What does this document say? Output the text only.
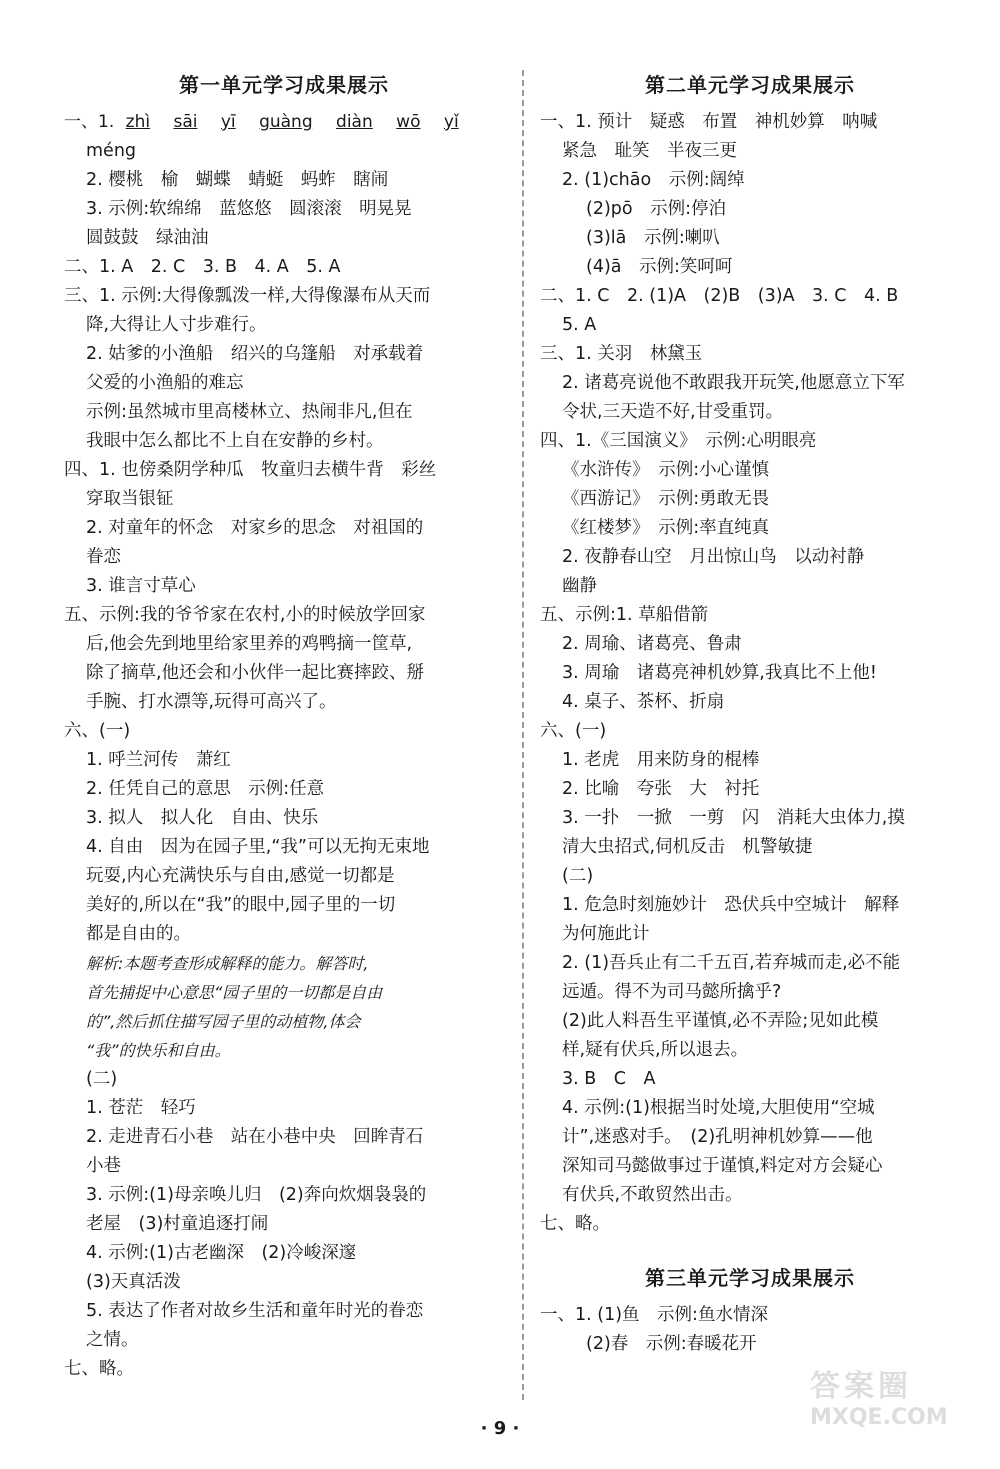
第一单元学习成果展示
一、1. zhì sāi yī guàng diàn wō yǐ
méng
2. 樱桃　榆　蝴蝶　蜻蜓　蚂蚱　瞎闹
3. 示例:软绵绵　蓝悠悠　圆滚滚　明晃晃
圆鼓鼓　绿油油
二、1. A　2. C　3. B　4. A　5. A
三、1. 示例:大得像瓢泼一样,大得像瀑布从天而
降,大得让人寸步难行。
2. 姑爹的小渔船　绍兴的乌篷船　对承载着
父爱的小渔船的难忘
示例:虽然城市里高楼林立、热闹非凡,但在
我眼中怎么都比不上自在安静的乡村。
四、1. 也傍桑阴学种瓜　牧童归去横牛背　彩丝
穿取当银钲
2. 对童年的怀念　对家乡的思念　对祖国的
眷恋
3. 谁言寸草心
五、示例:我的爷爷家在农村,小的时候放学回家
后,他会先到地里给家里养的鸡鸭摘一筐草,
除了摘草,他还会和小伙伴一起比赛摔跤、掰
手腕、打水漂等,玩得可高兴了。
六、(一)
1. 呼兰河传　萧红
2. 任凭自己的意思　示例:任意
3. 拟人　拟人化　自由、快乐
4. 自由　因为在园子里,“我”可以无拘无束地
玩耍,内心充满快乐与自由,感觉一切都是
美好的,所以在“我”的眼中,园子里的一切
都是自由的。
解析:本题考查形成解释的能力。解答时,
首先捕捉中心意思“园子里的一切都是自由
的”,然后抓住描写园子里的动植物,体会
“我”的快乐和自由。
(二)
1. 苍茫　轻巧
2. 走进青石小巷　站在小巷中央　回眸青石
小巷
3. 示例:(1)母亲唤儿归　(2)奔向炊烟袅袅的
老屋　(3)村童追逐打闹
4. 示例:(1)古老幽深　(2)冷峻深邃
(3)天真活泼
5. 表达了作者对故乡生活和童年时光的眷恋
之情。
七、略。
第二单元学习成果展示
一、1. 预计　疑惑　布置　神机妙算　呐喊
紧急　耻笑　半夜三更
2. (1)chāo　示例:阔绰
(2)pō　示例:停泊
(3)lā　示例:喇叭
(4)ā　示例:笑呵呵
二、1. C　2. (1)A　(2)B　(3)A　3. C　4. B
5. A
三、1. 关羽　林黛玉
2. 诸葛亮说他不敢跟我开玩笑,他愿意立下军
令状,三天造不好,甘受重罚。
四、1.《三国演义》　示例:心明眼亮
《水浒传》　示例:小心谨慎
《西游记》　示例:勇敢无畏
《红楼梦》　示例:率直纯真
2. 夜静春山空　月出惊山鸟　以动衬静
幽静
五、示例:1. 草船借箭
2. 周瑜、诸葛亮、鲁肃
3. 周瑜　诸葛亮神机妙算,我真比不上他!
4. 桌子、茶杯、折扇
六、(一)
1. 老虎　用来防身的棍棒
2. 比喻　夸张　大　衬托
3. 一扑　一掀　一剪　闪　消耗大虫体力,摸
清大虫招式,伺机反击　机警敏捷
(二)
1. 危急时刻施妙计　恐伏兵中空城计　解释
为何施此计
2. (1)吾兵止有二千五百,若弃城而走,必不能
远遁。得不为司马懿所擒乎?
(2)此人料吾生平谨慎,必不弄险;见如此模
样,疑有伏兵,所以退去。
3. B　C　A
4. 示例:(1)根据当时处境,大胆使用“空城
计”,迷惑对手。　(2)孔明神机妙算——他
深知司马懿做事过于谨慎,料定对方会疑心
有伏兵,不敢贸然出击。
七、略。
第三单元学习成果展示
一、1. (1)鱼　示例:鱼水情深
(2)春　示例:春暖花开
· 9 ·
答案圈
MXQE.COM
